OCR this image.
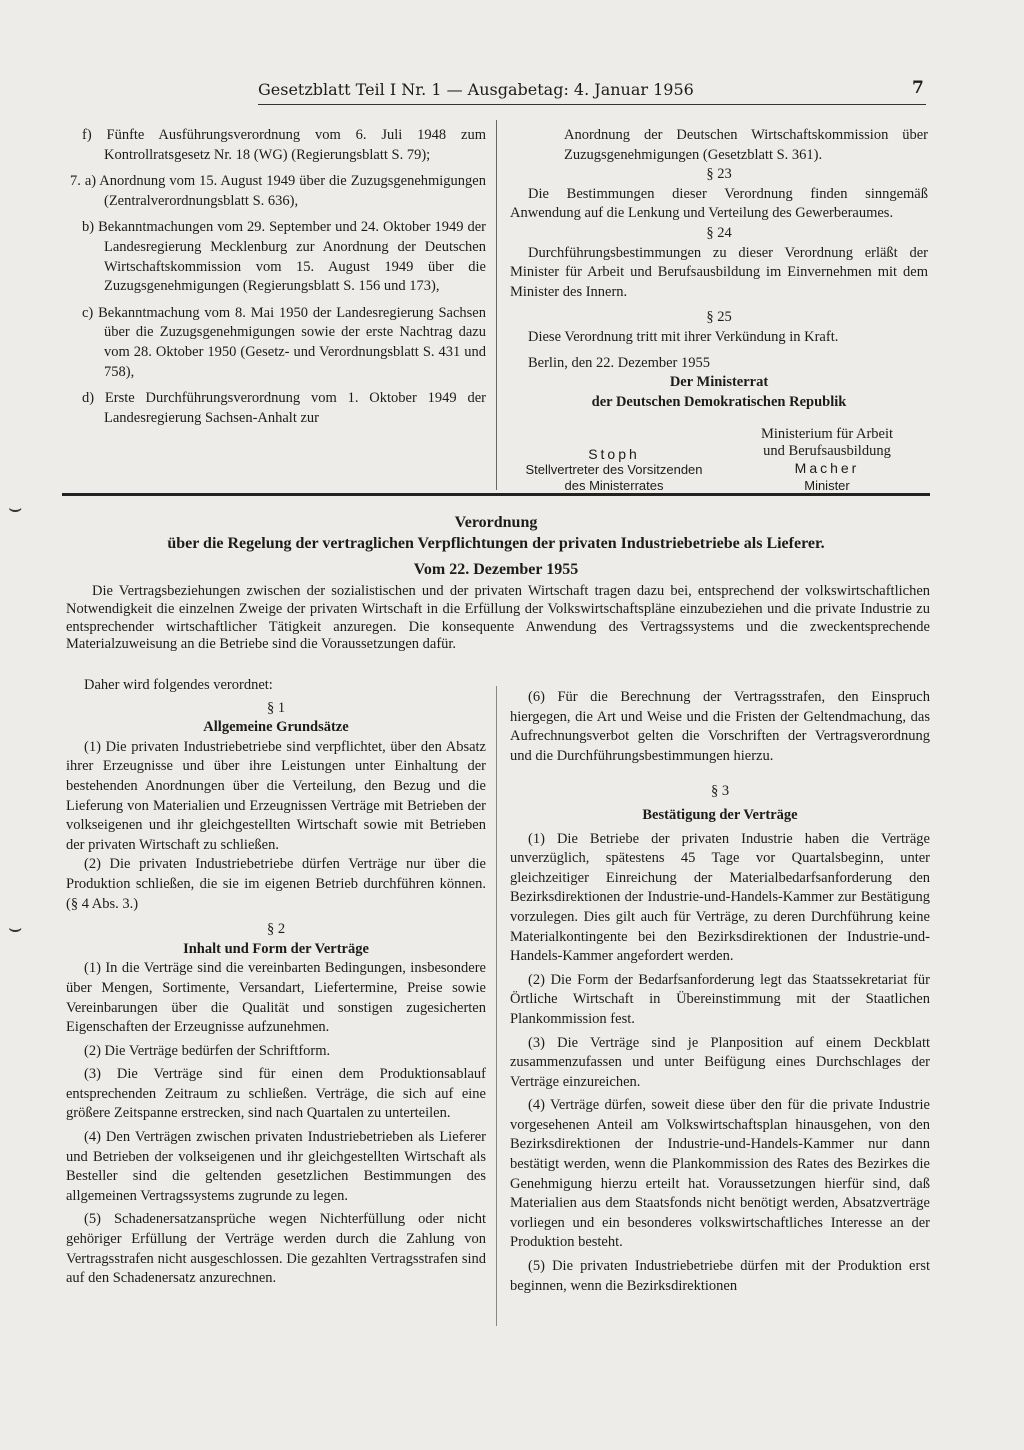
Gesetzblatt Teil I Nr. 1 — Ausgabetag: 4. Januar 1956	7

f) Fünfte Ausführungsverordnung vom 6. Juli 1948 zum Kontrollratsgesetz Nr. 18 (WG) (Regierungsblatt S. 79);

7. a) Anordnung vom 15. August 1949 über die Zuzugsgenehmigungen (Zentralverordnungsblatt S. 636),

b) Bekanntmachungen vom 29. September und 24. Oktober 1949 der Landesregierung Mecklenburg zur Anordnung der Deutschen Wirtschaftskommission vom 15. August 1949 über die Zuzugsgenehmigungen (Regierungsblatt S. 156 und 173),

c) Bekanntmachung vom 8. Mai 1950 der Landesregierung Sachsen über die Zuzugsgenehmigungen sowie der erste Nachtrag dazu vom 28. Oktober 1950 (Gesetz- und Verordnungsblatt S. 431 und 758),

d) Erste Durchführungsverordnung vom 1. Oktober 1949 der Landesregierung Sachsen-Anhalt zur

Anordnung der Deutschen Wirtschaftskommission über Zuzugsgenehmigungen (Gesetzblatt S. 361).

§ 23

Die Bestimmungen dieser Verordnung finden sinngemäß Anwendung auf die Lenkung und Verteilung des Gewerberaumes.

§ 24

Durchführungsbestimmungen zu dieser Verordnung erläßt der Minister für Arbeit und Berufsausbildung im Einvernehmen mit dem Minister des Innern.

§ 25

Diese Verordnung tritt mit ihrer Verkündung in Kraft.

Berlin, den 22. Dezember 1955

Der Ministerrat

der Deutschen Demokratischen Republik

Stoph

Stellvertreter des Vorsitzenden

des Ministerrates

Ministerium für Arbeit

und Berufsausbildung

Macher

Minister

Verordnung
über die Regelung der vertraglichen Verpflichtungen der privaten Industriebetriebe als Lieferer.
Vom 22. Dezember 1955
Die Vertragsbeziehungen zwischen der sozialistischen und der privaten Wirtschaft tragen dazu bei, entsprechend der volkswirtschaftlichen Notwendigkeit die einzelnen Zweige der privaten Wirtschaft in die Erfüllung der Volkswirtschaftspläne einzubeziehen und die private Industrie zu entsprechender wirtschaftlicher Tätigkeit anzuregen. Die konsequente Anwendung des Vertragssystems und die zweckentsprechende Materialzuweisung an die Betriebe sind die Voraussetzungen dafür.

Daher wird folgendes verordnet:

§ 1

Allgemeine Grundsätze

(1) Die privaten Industriebetriebe sind verpflichtet, über den Absatz ihrer Erzeugnisse und über ihre Leistungen unter Einhaltung der bestehenden Anordnungen über die Verteilung, den Bezug und die Lieferung von Materialien und Erzeugnissen Verträge mit Betrieben der volkseigenen und ihr gleichgestellten Wirtschaft sowie mit Betrieben der privaten Wirtschaft zu schließen.

(2) Die privaten Industriebetriebe dürfen Verträge nur über die Produktion schließen, die sie im eigenen Betrieb durchführen können. (§ 4 Abs. 3.)

§ 2

Inhalt und Form der Verträge

(1) In die Verträge sind die vereinbarten Bedingungen, insbesondere über Mengen, Sortimente, Versandart, Liefertermine, Preise sowie Vereinbarungen über die Qualität und sonstigen zugesicherten Eigenschaften der Erzeugnisse aufzunehmen.

(2) Die Verträge bedürfen der Schriftform.

(3) Die Verträge sind für einen dem Produktionsablauf entsprechenden Zeitraum zu schließen. Verträge, die sich auf eine größere Zeitspanne erstrecken, sind nach Quartalen zu unterteilen.

(4) Den Verträgen zwischen privaten Industriebetrieben als Lieferer und Betrieben der volkseigenen und ihr gleichgestellten Wirtschaft als Besteller sind die geltenden gesetzlichen Bestimmungen des allgemeinen Vertragssystems zugrunde zu legen.

(5) Schadenersatzansprüche wegen Nichterfüllung oder nicht gehöriger Erfüllung der Verträge werden durch die Zahlung von Vertragsstrafen nicht ausgeschlossen. Die gezahlten Vertragsstrafen sind auf den Schadenersatz anzurechnen.

(6) Für die Berechnung der Vertragsstrafen, den Einspruch hiergegen, die Art und Weise und die Fristen der Geltendmachung, das Aufrechnungsverbot gelten die Vorschriften der Vertragsverordnung und die Durchführungsbestimmungen hierzu.

§ 3

Bestätigung der Verträge

(1) Die Betriebe der privaten Industrie haben die Verträge unverzüglich, spätestens 45 Tage vor Quartalsbeginn, unter gleichzeitiger Einreichung der Materialbedarfsanforderung den Bezirksdirektionen der Industrie-und-Handels-Kammer zur Bestätigung vorzulegen. Dies gilt auch für Verträge, zu deren Durchführung keine Materialkontingente bei den Bezirksdirektionen der Industrie-und-Handels-Kammer angefordert werden.

(2) Die Form der Bedarfsanforderung legt das Staatssekretariat für Örtliche Wirtschaft in Übereinstimmung mit der Staatlichen Plankommission fest.

(3) Die Verträge sind je Planposition auf einem Deckblatt zusammenzufassen und unter Beifügung eines Durchschlages der Verträge einzureichen.

(4) Verträge dürfen, soweit diese über den für die private Industrie vorgesehenen Anteil am Volkswirtschaftsplan hinausgehen, von den Bezirksdirektionen der Industrie-und-Handels-Kammer nur dann bestätigt werden, wenn die Plankommission des Rates des Bezirkes die Genehmigung hierzu erteilt hat. Voraussetzungen hierfür sind, daß Materialien aus dem Staatsfonds nicht benötigt werden, Absatzverträge vorliegen und ein besonderes volkswirtschaftliches Interesse an der Produktion besteht.

(5) Die privaten Industriebetriebe dürfen mit der Produktion erst beginnen, wenn die Bezirksdirektionen

⌣
⌣
